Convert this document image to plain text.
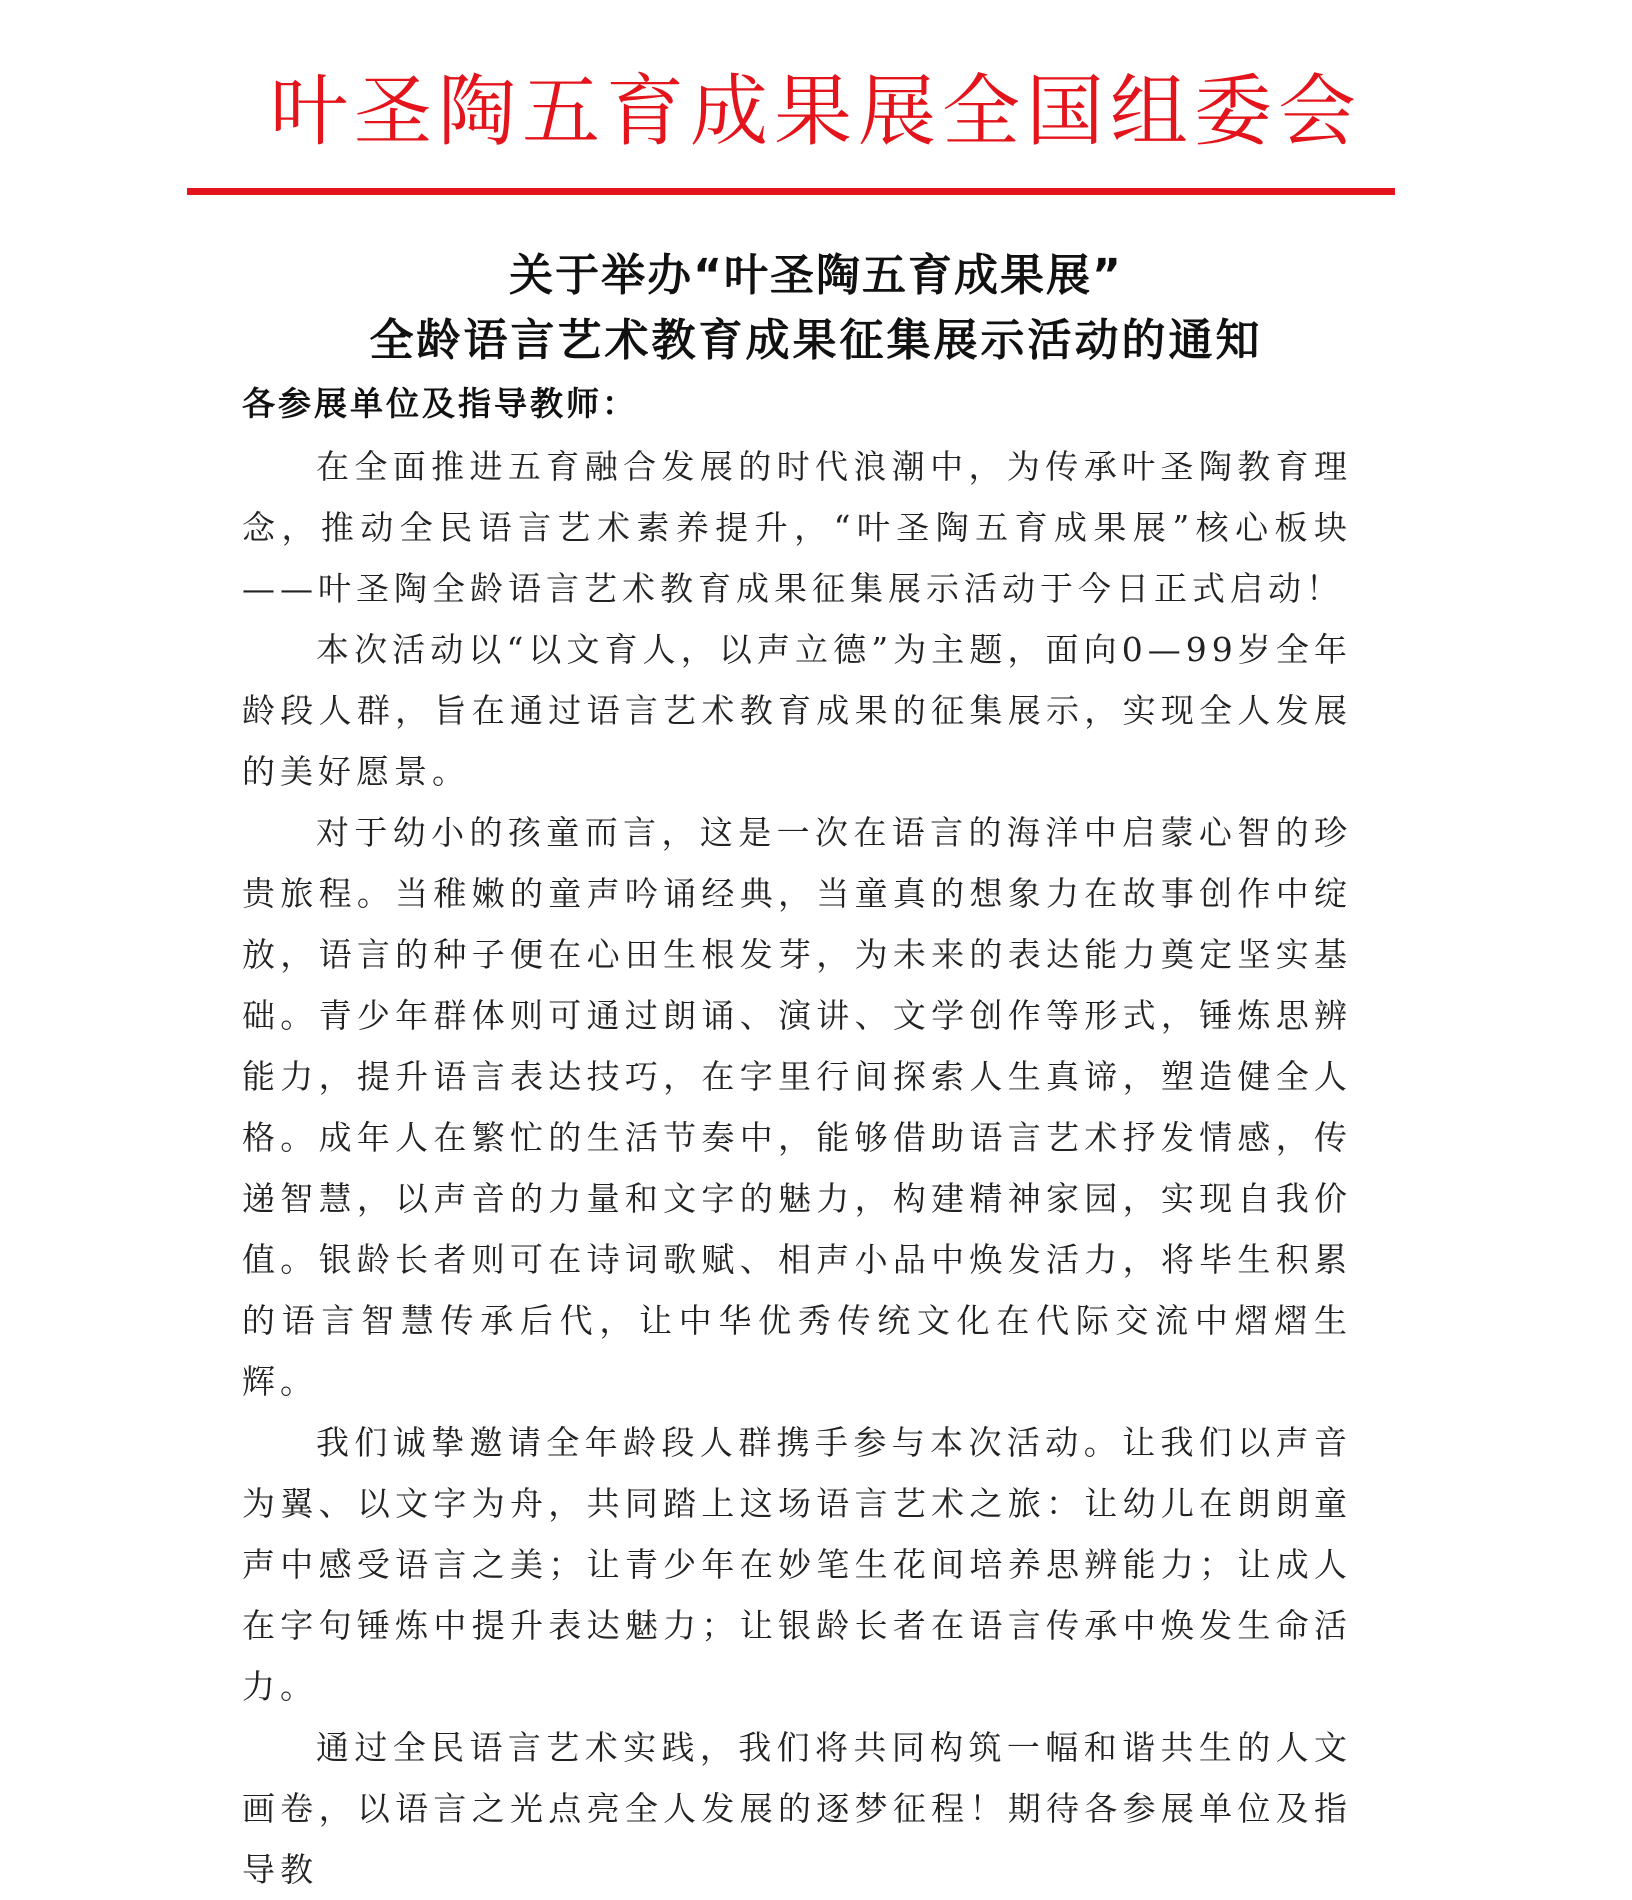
叶圣陶五育成果展全国组委会
关于举办“叶圣陶五育成果展”
全龄语言艺术教育成果征集展示活动的通知
各参展单位及指导教师：

在全面推进五育融合发展的时代浪潮中，为传承叶圣陶教育理念，推动全民语言艺术素养提升，“叶圣陶五育成果展”核心板块——叶圣陶全龄语言艺术教育成果征集展示活动于今日正式启动！

本次活动以“以文育人，以声立德”为主题，面向0—99岁全年龄段人群，旨在通过语言艺术教育成果的征集展示，实现全人发展的美好愿景。

对于幼小的孩童而言，这是一次在语言的海洋中启蒙心智的珍贵旅程。当稚嫩的童声吟诵经典，当童真的想象力在故事创作中绽放，语言的种子便在心田生根发芽，为未来的表达能力奠定坚实基础。青少年群体则可通过朗诵、演讲、文学创作等形式，锤炼思辨能力，提升语言表达技巧，在字里行间探索人生真谛，塑造健全人格。成年人在繁忙的生活节奏中，能够借助语言艺术抒发情感，传递智慧，以声音的力量和文字的魅力，构建精神家园，实现自我价值。银龄长者则可在诗词歌赋、相声小品中焕发活力，将毕生积累的语言智慧传承后代，让中华优秀传统文化在代际交流中熠熠生辉。

我们诚挚邀请全年龄段人群携手参与本次活动。让我们以声音为翼、以文字为舟，共同踏上这场语言艺术之旅：让幼儿在朗朗童声中感受语言之美；让青少年在妙笔生花间培养思辨能力；让成人在字句锤炼中提升表达魅力；让银龄长者在语言传承中焕发生命活力。

通过全民语言艺术实践，我们将共同构筑一幅和谐共生的人文画卷，以语言之光点亮全人发展的逐梦征程！期待各参展单位及指导教
